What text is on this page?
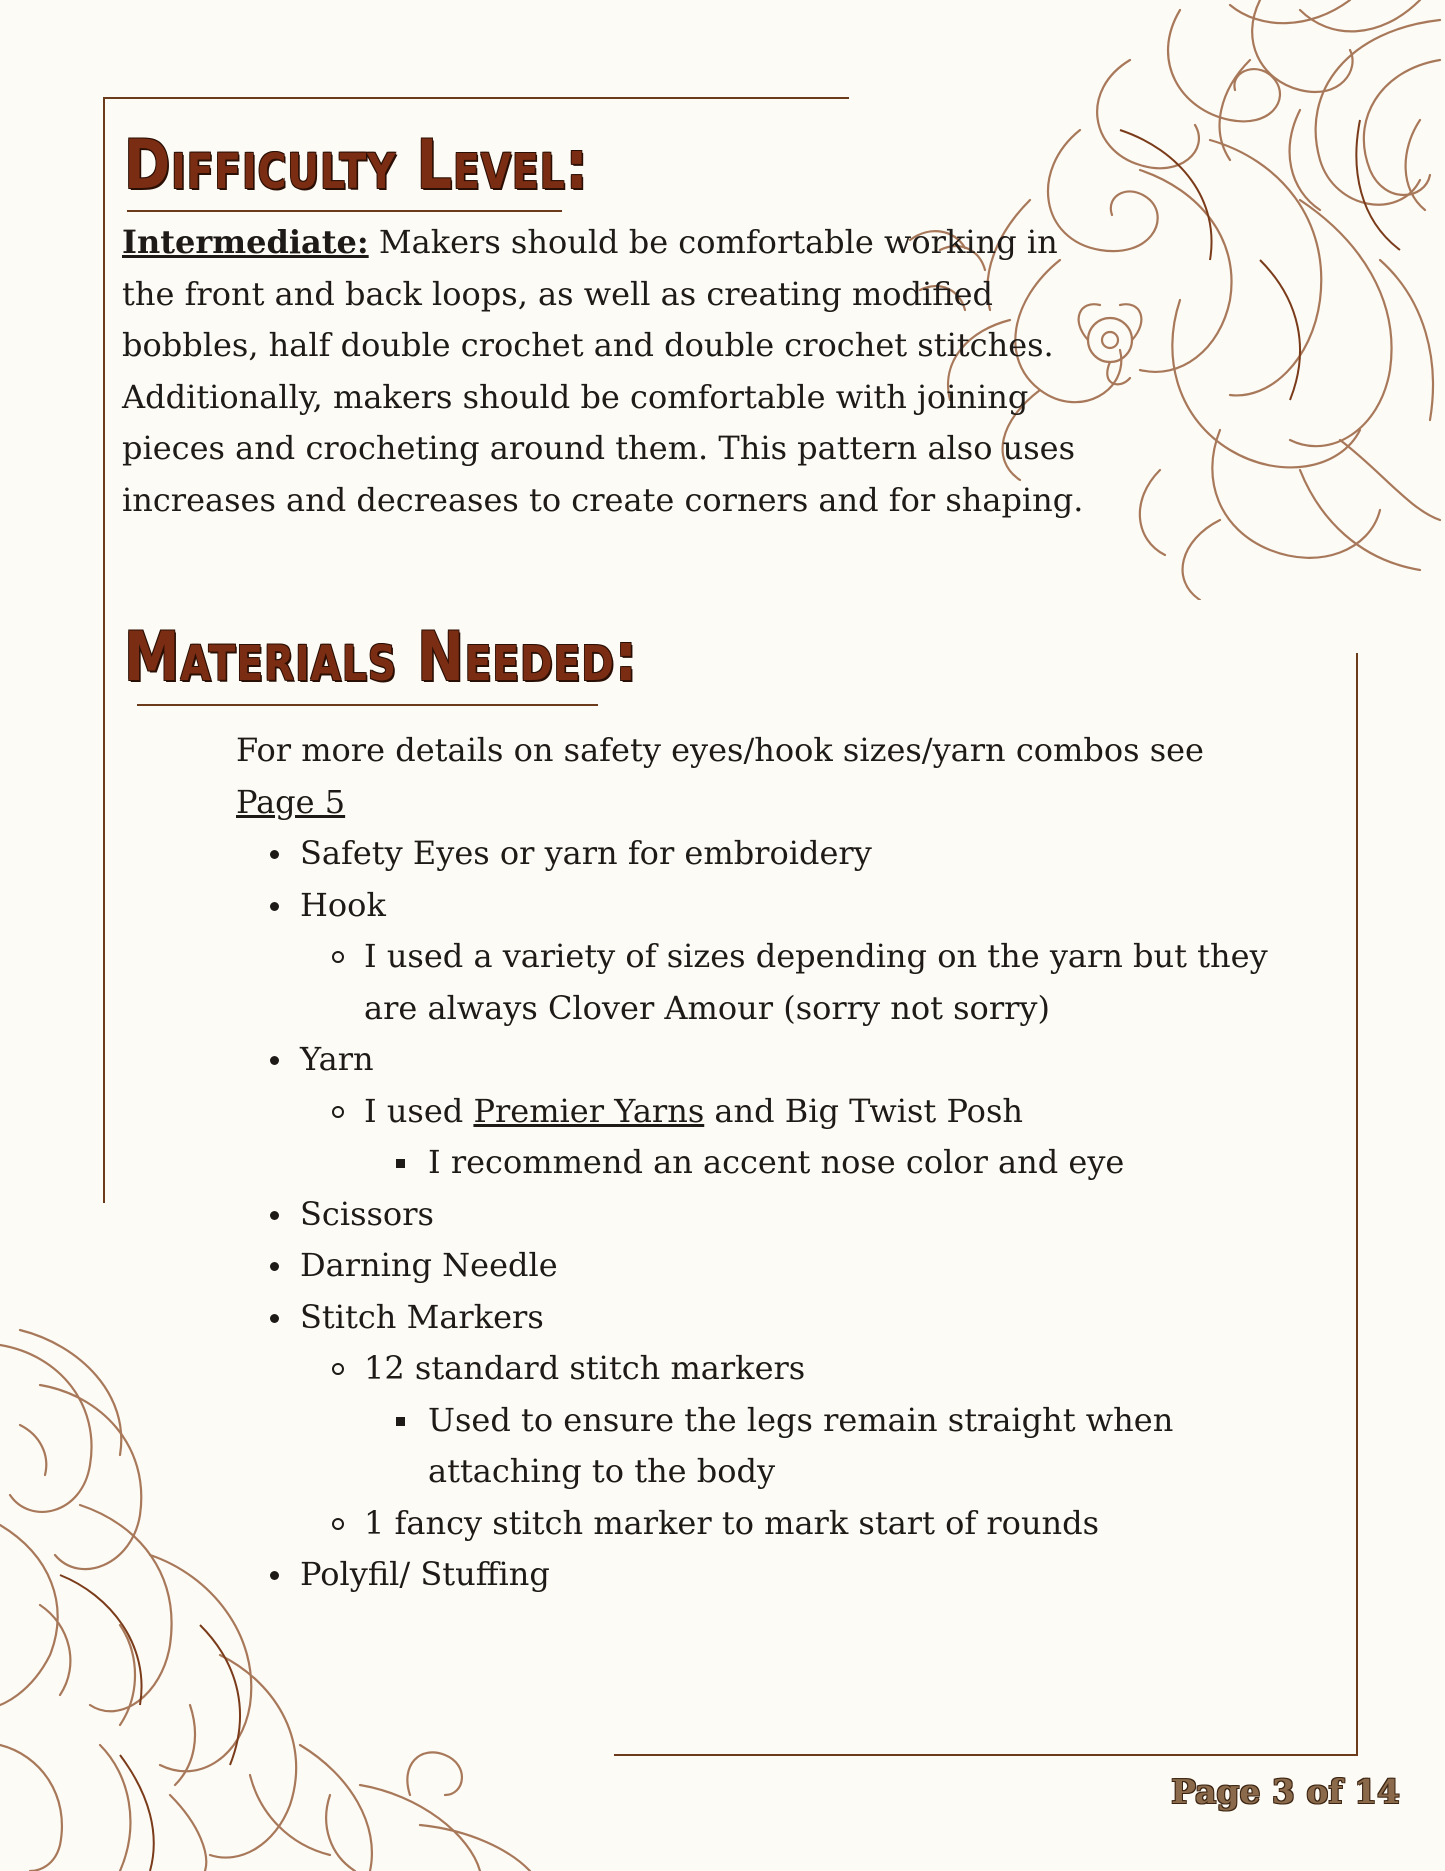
Difficulty Level:
Intermediate: Makers should be comfortable working in the front and back loops, as well as creating modified bobbles, half double crochet and double crochet stitches. Additionally, makers should be comfortable with joining pieces and crocheting around them. This pattern also uses increases and decreases to create corners and for shaping.
Materials Needed:
For more details on safety eyes/hook sizes/yarn combos see
Page 5
Safety Eyes or yarn for embroidery
Hook
I used a variety of sizes depending on the yarn but they
are always Clover Amour (sorry not sorry)
Yarn
I used Premier Yarns and Big Twist Posh
I recommend an accent nose color and eye
Scissors
Darning Needle
Stitch Markers
12 standard stitch markers
Used to ensure the legs remain straight when
attaching to the body
1 fancy stitch marker to mark start of rounds
Polyfil/ Stuffing
Page 3 of 14
